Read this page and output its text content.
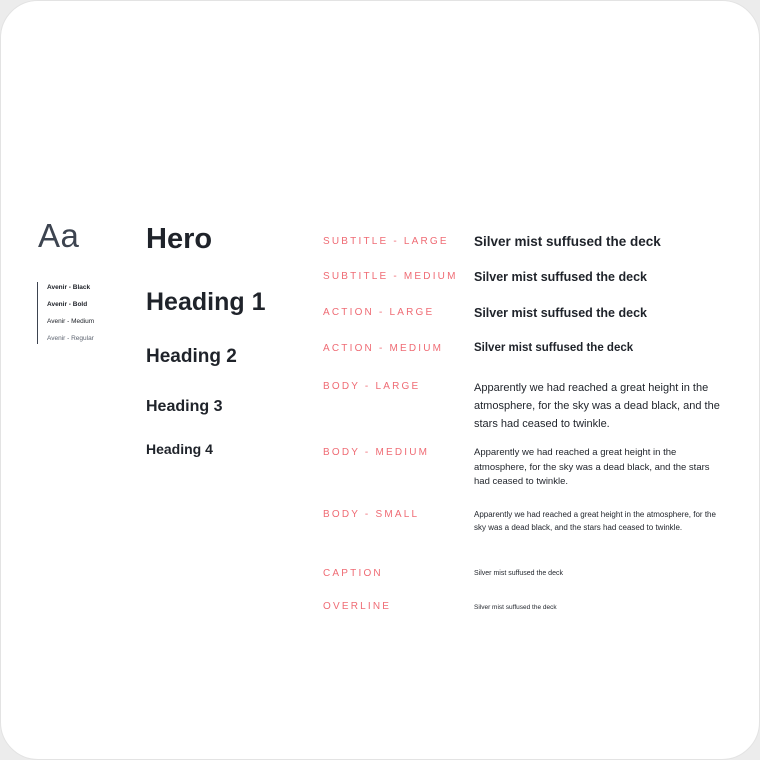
Aa
Avenir - Black
Avenir - Bold
Avenir - Medium
Avenir - Regular
Hero
Heading 1
Heading 2
Heading 3
Heading 4
SUBTITLE - LARGE Silver mist suffused the deck
SUBTITLE - MEDIUM Silver mist suffused the deck
ACTION - LARGE	Silver mist suffused the deck
ACTION - MEDIUM	Silver mist suffused the deck
BODY - LARGE	Apparently we had reached a great height in the atmosphere, for the sky was a dead black, and the stars had ceased to twinkle.
BODY - MEDIUM	Apparently we had reached a great height in the atmosphere, for the sky was a dead black, and the stars had ceased to twinkle.
BODY - SMALL	Apparently we had reached a great height in the atmosphere, for the sky was a dead black, and the stars had ceased to twinkle.
CAPTION	Silver mist suffused the deck
OVERLINE	Silver mist suffused the deck
